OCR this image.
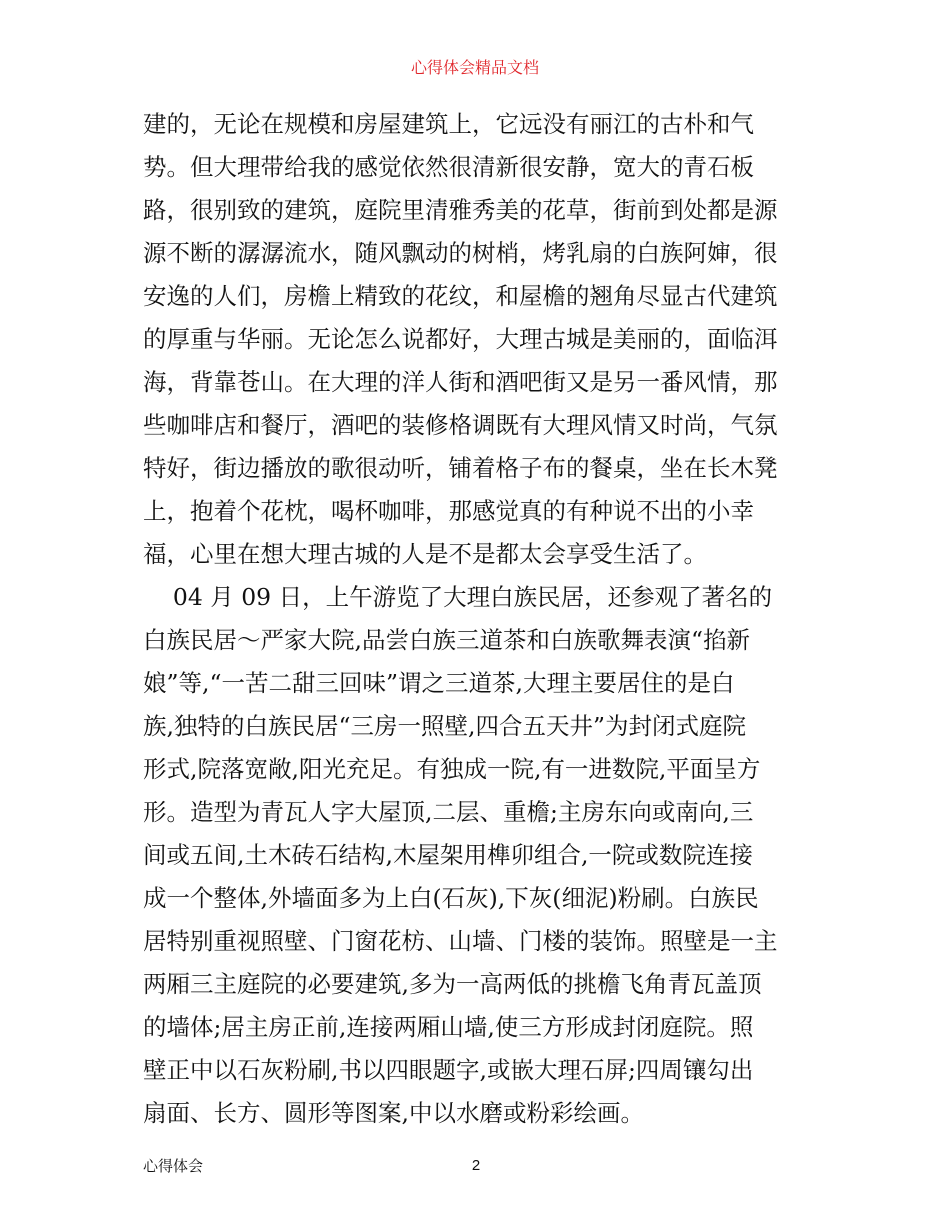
心得体会精品文档
建的，无论在规模和房屋建筑上，它远没有丽江的古朴和气
势。但大理带给我的感觉依然很清新很安静，宽大的青石板
路，很别致的建筑，庭院里清雅秀美的花草，街前到处都是源
源不断的潺潺流水，随风飘动的树梢，烤乳扇的白族阿婶，很
安逸的人们，房檐上精致的花纹，和屋檐的翘角尽显古代建筑
的厚重与华丽。无论怎么说都好，大理古城是美丽的，面临洱
海，背靠苍山。在大理的洋人街和酒吧街又是另一番风情，那
些咖啡店和餐厅，酒吧的装修格调既有大理风情又时尚，气氛
特好，街边播放的歌很动听，铺着格子布的餐桌，坐在长木凳
上，抱着个花枕，喝杯咖啡，那感觉真的有种说不出的小幸
福，心里在想大理古城的人是不是都太会享受生活了。
04 月 09 日，上午游览了大理白族民居，还参观了著名的
白族民居～严家大院,品尝白族三道茶和白族歌舞表演“掐新
娘”等,“一苦二甜三回味”谓之三道茶,大理主要居住的是白
族,独特的白族民居“三房一照壁,四合五天井”为封闭式庭院
形式,院落宽敞,阳光充足。有独成一院,有一进数院,平面呈方
形。造型为青瓦人字大屋顶,二层、重檐;主房东向或南向,三
间或五间,土木砖石结构,木屋架用榫卯组合,一院或数院连接
成一个整体,外墙面多为上白(石灰),下灰(细泥)粉刷。白族民
居特别重视照壁、门窗花枋、山墙、门楼的装饰。照壁是一主
两厢三主庭院的必要建筑,多为一高两低的挑檐飞角青瓦盖顶
的墙体;居主房正前,连接两厢山墙,使三方形成封闭庭院。照
壁正中以石灰粉刷,书以四眼题字,或嵌大理石屏;四周镶勾出
扇面、长方、圆形等图案,中以水磨或粉彩绘画。
心得体会	2
